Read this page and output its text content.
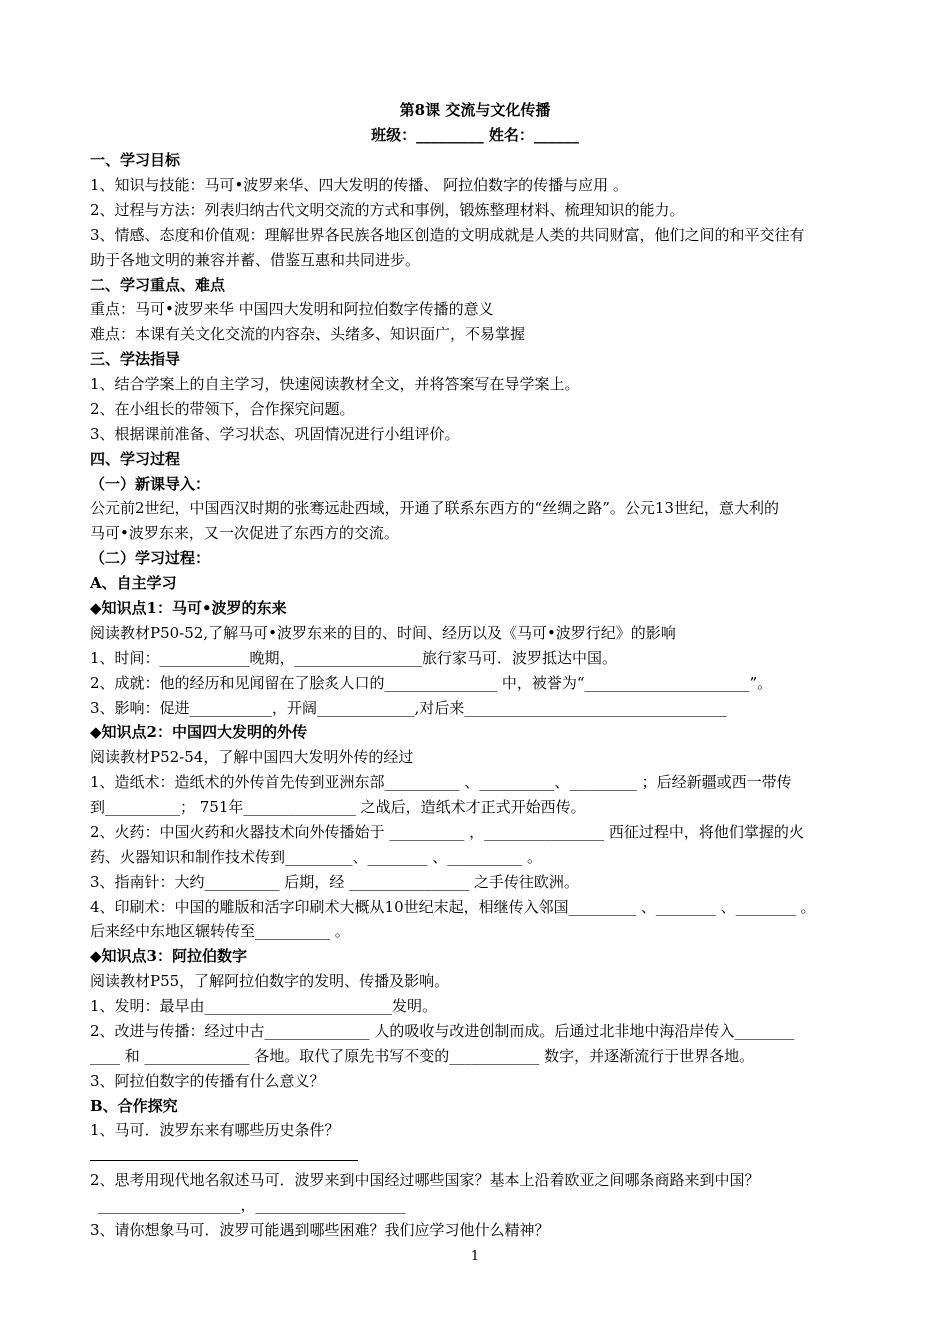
第8课 交流与文化传播
班级：_________ 姓名：______
一、学习目标
1、知识与技能：马可•波罗来华、四大发明的传播、 阿拉伯数字的传播与应用 。
2、过程与方法：列表归纳古代文明交流的方式和事例，锻炼整理材料、梳理知识的能力。
3、情感、态度和价值观：理解世界各民族各地区创造的文明成就是人类的共同财富，他们之间的和平交往有
助于各地文明的兼容并蓄、借鉴互惠和共同进步。
二、学习重点、难点
重点：马可•波罗来华 中国四大发明和阿拉伯数字传播的意义
难点：本课有关文化交流的内容杂、头绪多、知识面广，不易掌握
三、学法指导
1、结合学案上的自主学习，快速阅读教材全文，并将答案写在导学案上。
2、在小组长的带领下，合作探究问题。
3、根据课前准备、学习状态、巩固情况进行小组评价。
四、学习过程
（一）新课导入：
公元前2世纪，中国西汉时期的张骞远赴西域，开通了联系东西方的“丝绸之路”。公元13世纪，意大利的
马可•波罗东来，又一次促进了东西方的交流。
（二）学习过程：
A、自主学习
◆知识点1：马可•波罗的东来
阅读教材P50-52,了解马可•波罗东来的目的、时间、经历以及《马可•波罗行纪》的影响
1、时间：____________晚期，_________________旅行家马可．波罗抵达中国。
2、成就：他的经历和见闻留在了脍炙人口的_______________ 中，被誉为“______________________”。
3、影响：促进___________，开阔_____________,对后来___________________________________
◆知识点2：中国四大发明的外传
阅读教材P52-54，了解中国四大发明外传的经过
1、造纸术：造纸术的外传首先传到亚洲东部__________ 、__________、_________ ；后经新疆或西一带传
到__________； 751年_______________ 之战后，造纸术才正式开始西传。
2、火药：中国火药和火器技术向外传播始于 __________ ，________________ 西征过程中，将他们掌握的火
药、火器知识和制作技术传到_________、________ 、__________ 。
3、指南针：大约__________ 后期，经 ________________ 之手传往欧洲。
4、印刷术：中国的雕版和活字印刷术大概从10世纪末起，相继传入邻国_________ 、________ 、________ 。
后来经中东地区辗转传至__________ 。
◆知识点3：阿拉伯数字
阅读教材P55，了解阿拉伯数字的发明、传播及影响。
1、发明：最早由_________________________发明。
2、改进与传播：经过中古______________ 人的吸收与改进创制而成。后通过北非地中海沿岸传入________
____ 和 ______________ 各地。取代了原先书写不变的____________ 数字，并逐渐流行于世界各地。
3、阿拉伯数字的传播有什么意义？
B、合作探究
1、马可．波罗东来有哪些历史条件？
2、思考用现代地名叙述马可．波罗来到中国经过哪些国家？基本上沿着欧亚之间哪条商路来到中国？
___________________，____________________
3、请你想象马可．波罗可能遇到哪些困难？我们应学习他什么精神？
1
